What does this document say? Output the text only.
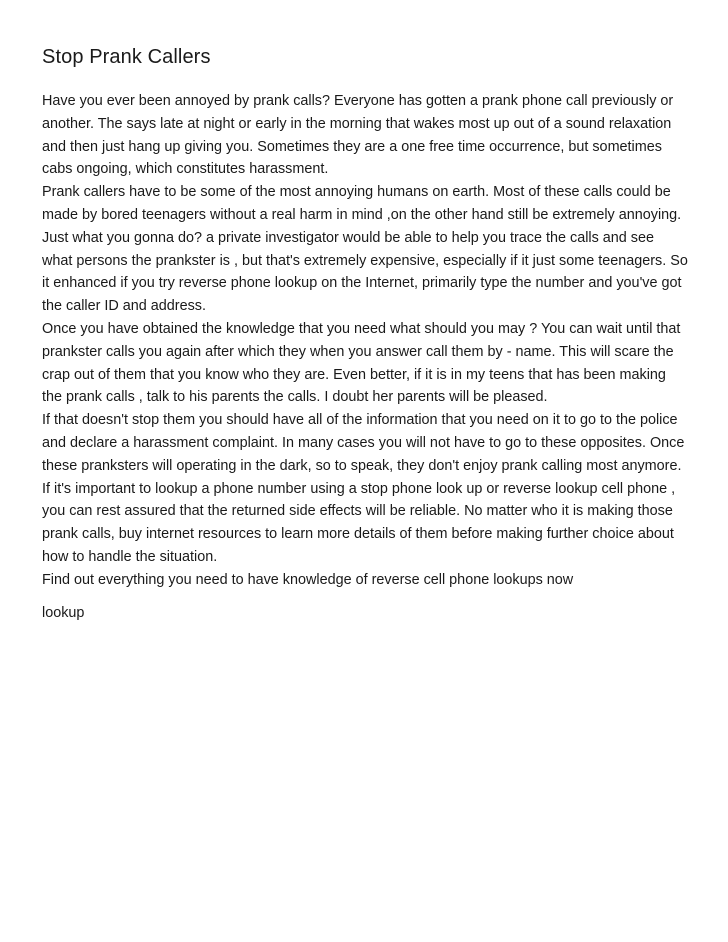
Stop Prank Callers

Have you ever been annoyed by prank calls? Everyone has gotten a prank phone call previously or another. The says late at night or early in the morning that wakes most up out of a sound relaxation and then just hang up giving you. Sometimes they are a one free time occurrence, but sometimes cabs ongoing, which constitutes harassment.

Prank callers have to be some of the most annoying humans on earth. Most of these calls could be made by bored teenagers without a real harm in mind ,on the other hand still be extremely annoying. Just what you gonna do? a private investigator would be able to help you trace the calls and see what persons the prankster is , but that's extremely expensive, especially if it just some teenagers. So it enhanced if you try reverse phone lookup on the Internet, primarily type the number and you've got the caller ID and address.

Once you have obtained the knowledge that you need what should you may ? You can wait until that prankster calls you again after which they when you answer call them by - name. This will scare the crap out of them that you know who they are. Even better, if it is in my teens that has been making the prank calls , talk to his parents the calls. I doubt her parents will be pleased.

If that doesn't stop them you should have all of the information that you need on it to go to the police and declare a harassment complaint. In many cases you will not have to go to these opposites. Once these pranksters will operating in the dark, so to speak, they don't enjoy prank calling most anymore.

If it's important to lookup a phone number using a stop phone look up or reverse lookup cell phone , you can rest assured that the returned side effects will be reliable. No matter who it is making those prank calls, buy internet resources to learn more details of them before making further choice about how to handle the situation.

Find out everything you need to have knowledge of reverse cell phone lookups now

lookup
